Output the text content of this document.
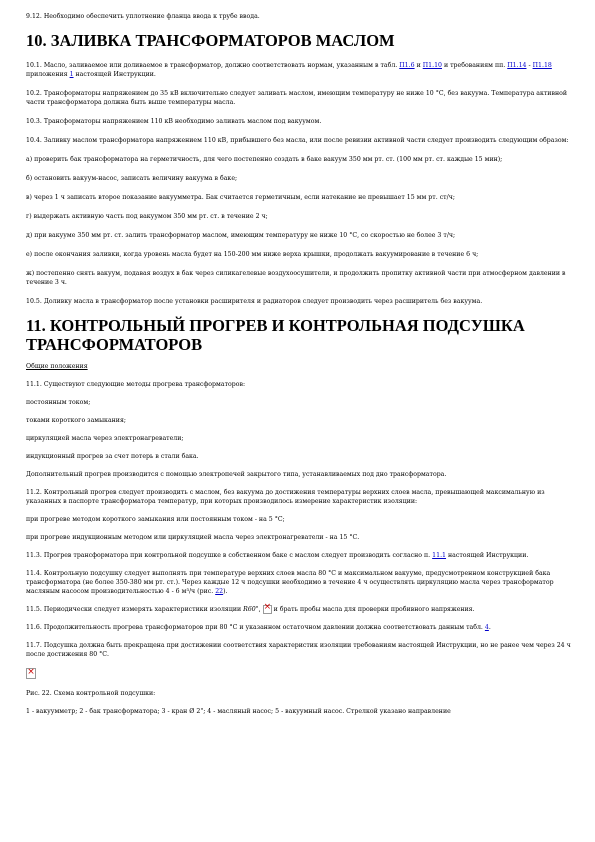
9.12. Необходимо обеспечить уплотнение фланца ввода к трубе ввода.

10. ЗАЛИВКА ТРАНСФОРМАТОРОВ МАСЛОМ

10.1. Масло, заливаемое или доливаемое в трансформатор, должно соответствовать нормам, указанным в табл. П1.6 и П1.10 и требованиям пп. П1.14 - П1.18 приложения 1 настоящей Инструкции.

10.2. Трансформаторы напряжением до 35 кВ включительно следует заливать маслом, имеющим температуру не ниже 10 °С, без вакуума. Температура активной части трансформатора должна быть выше температуры масла.

10.3. Трансформаторы напряжением 110 кВ необходимо заливать маслом под вакуумом.

10.4. Заливку маслом трансформатора напряжением 110 кВ, прибывшего без масла, или после ревизии активной части следует производить следующим образом:

а) проверить бак трансформатора на герметичность, для чего постепенно создать в баке вакуум 350 мм рт. ст. (100 мм рт. ст. каждые 15 мин);

б) остановить вакуум-насос, записать величину вакуума в баке;

в) через 1 ч записать второе показание вакуумметра. Бак считается герметичным, если натекание не превышает 15 мм рт. ст/ч;

г) выдержать активную часть под вакуумом 350 мм рт. ст. в течение 2 ч;

д) при вакууме 350 мм рт. ст. залить трансформатор маслом, имеющим температуру не ниже 10 °С, со скоростью не более 3 т/ч;

е) после окончания заливки, когда уровень масла будет на 150-200 мм ниже верха крышки, продолжать вакуумирование в течение 6 ч;

ж) постепенно снять вакуум, подавая воздух в бак через силикагелевые воздухоосушители, и продолжить пропитку активной части при атмосферном давлении в течение 3 ч.

10.5. Доливку масла в трансформатор после установки расширителя и радиаторов следует производить через расширитель без вакуума.

11. КОНТРОЛЬНЫЙ ПРОГРЕВ И КОНТРОЛЬНАЯ ПОДСУШКА ТРАНСФОРМАТОРОВ

Общие положения

11.1. Существуют следующие методы прогрева трансформаторов:

постоянным током;

токами короткого замыкания;

циркуляцией масла через электронагреватели;

индукционный прогрев за счет потерь в стали бака.

Дополнительный прогрев производится с помощью электропечей закрытого типа, устанавливаемых под дно трансформатора.

11.2. Контрольный прогрев следует производить с маслом, без вакуума до достижения температуры верхних слоев масла, превышающей максимальную из указанных в паспорте трансформатора температур, при которых производилось измерение характеристик изоляции:

при прогреве методом короткого замыкания или постоянным током - на 5 °С;

при прогреве индукционным методом или циркуляцией масла через электронагреватели - на 15 °С.

11.3. Прогрев трансформатора при контрольной подсушке в собственном баке с маслом следует производить согласно п. 11.1 настоящей Инструкции.

11.4. Контрольную подсушку следует выполнять при температуре верхних слоев масла 80 °С и максимальном вакууме, предусмотренном конструкцией бака трансформатора (не более 350-380 мм рт. ст.). Через каждые 12 ч подсушки необходимо в течение 4 ч осуществлять циркуляцию масла через трансформатор масляным насосом производительностью 4 - 6 м³/ч (рис. 22).

11.5. Периодически следует измерять характеристики изоляции R60", × и брать пробы масла для проверки пробивного напряжения.

11.6. Продолжительность прогрева трансформаторов при 80 °С и указанном остаточном давлении должна соответствовать данным табл. 4.

11.7. Подсушка должна быть прекращена при достижении соответствия характеристик изоляции требованиям настоящей Инструкции, но не ранее чем через 24 ч после достижения 80 °С.

×

Рис. 22. Схема контрольной подсушки:

1 - вакуумметр; 2 - бак трансформатора; 3 - кран Ø 2"; 4 - масляный насос; 5 - вакуумный насос. Стрелкой указано направление
